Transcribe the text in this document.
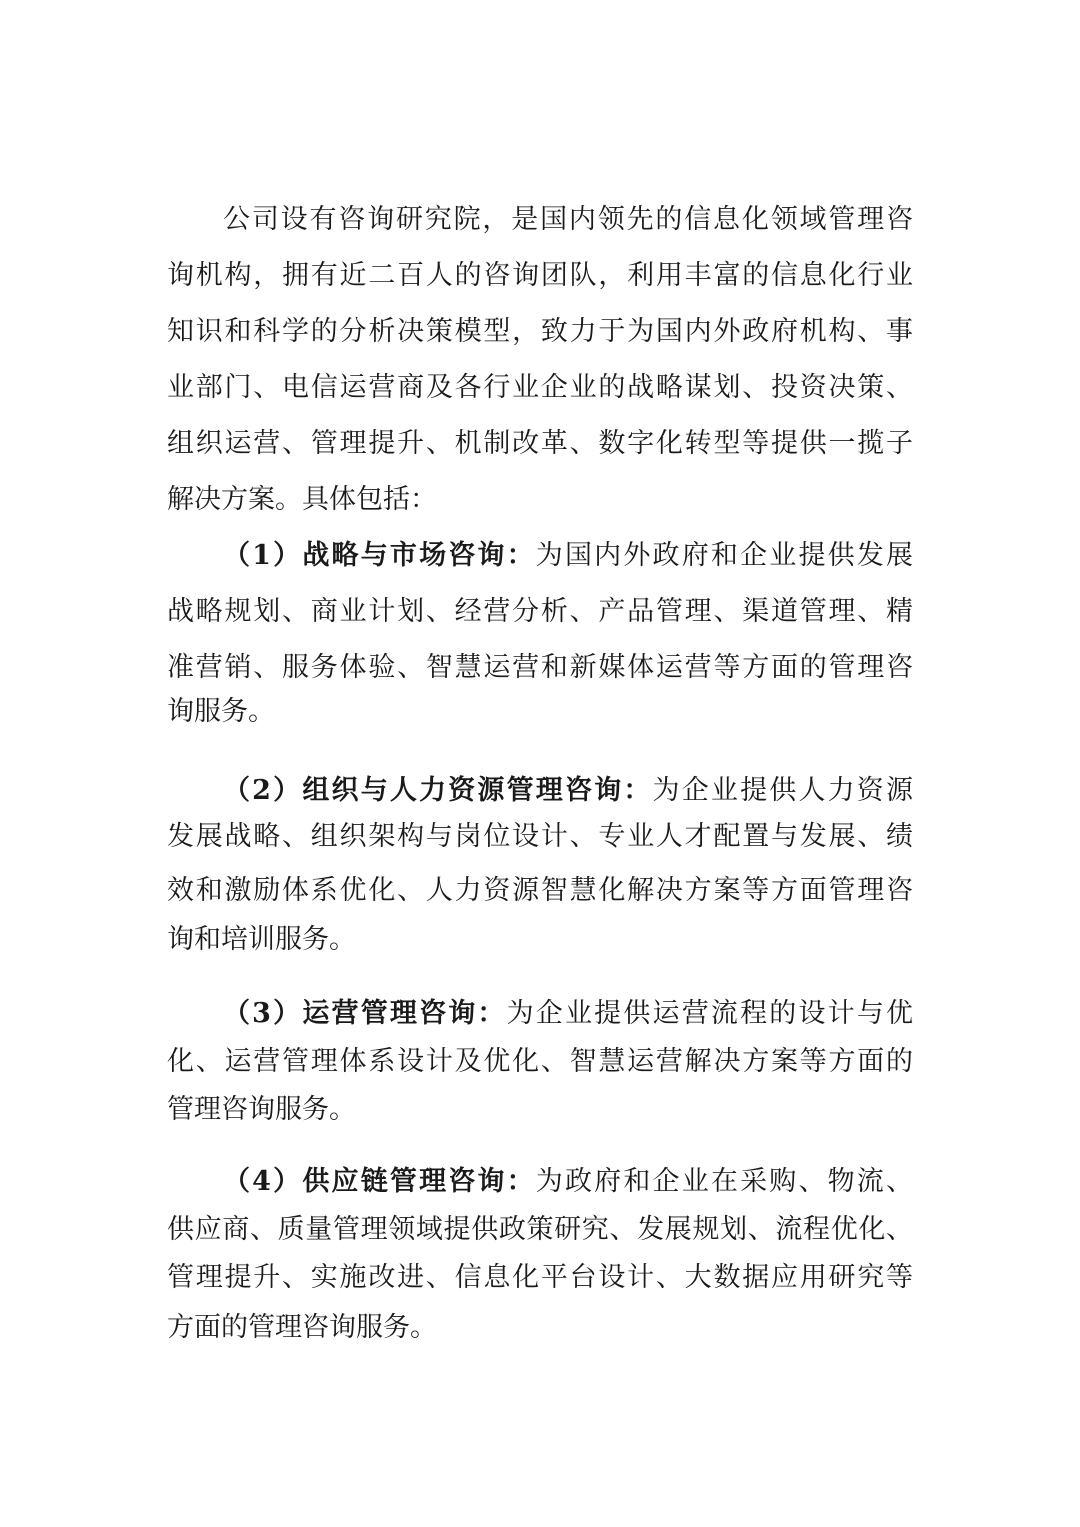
公司设有咨询研究院，是国内领先的信息化领域管理咨
询机构，拥有近二百人的咨询团队，利用丰富的信息化行业
知识和科学的分析决策模型，致力于为国内外政府机构、事
业部门、电信运营商及各行业企业的战略谋划、投资决策、
组织运营、管理提升、机制改革、数字化转型等提供一揽子
解决方案。具体包括：
（1）战略与市场咨询：为国内外政府和企业提供发展
战略规划、商业计划、经营分析、产品管理、渠道管理、精
准营销、服务体验、智慧运营和新媒体运营等方面的管理咨
询服务。
（2）组织与人力资源管理咨询：为企业提供人力资源
发展战略、组织架构与岗位设计、专业人才配置与发展、绩
效和激励体系优化、人力资源智慧化解决方案等方面管理咨
询和培训服务。
（3）运营管理咨询：为企业提供运营流程的设计与优
化、运营管理体系设计及优化、智慧运营解决方案等方面的
管理咨询服务。
（4）供应链管理咨询：为政府和企业在采购、物流、
供应商、质量管理领域提供政策研究、发展规划、流程优化、
管理提升、实施改进、信息化平台设计、大数据应用研究等
方面的管理咨询服务。
